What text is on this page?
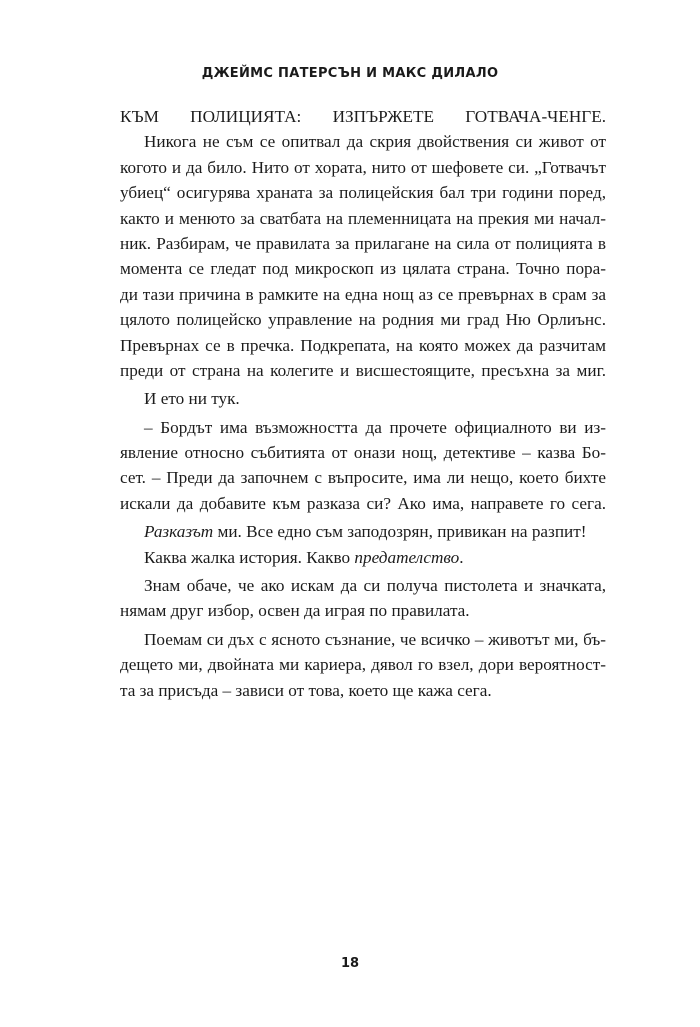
ДЖЕЙМС ПАТЕРСЪН И МАКС ДИЛАЛО
КЪМ ПОЛИЦИЯТА: ИЗПЪРЖЕТЕ ГОТВАЧА-ЧЕНГЕ.
Никога не съм се опитвал да скрия двойствения си живот от
когото и да било. Нито от хората, нито от шефовете си. „Готвачът
убиец“ осигурява храната за полицейския бал три години поред,
както и менюто за сватбата на племенницата на прекия ми начал-
ник. Разбирам, че правилата за прилагане на сила от полицията в
момента се гледат под микроскоп из цялата страна. Точно пора-
ди тази причина в рамките на една нощ аз се превърнах в срам за
цялото полицейско управление на родния ми град Ню Орлиънс.
Превърнах се в пречка. Подкрепата, на която можех да разчитам
преди от страна на колегите и висшестоящите, пресъхна за миг.
И ето ни тук.
– Бордът има възможността да прочете официалното ви из-
явление относно събитията от онази нощ, детективе – казва Бо-
сет. – Преди да започнем с въпросите, има ли нещо, което бихте
искали да добавите към разказа си? Ако има, направете го сега.
Разказът ми. Все едно съм заподозрян, привикан на разпит!
Каква жалка история. Какво предателство.
Знам обаче, че ако искам да си получа пистолета и значката,
нямам друг избор, освен да играя по правилата.
Поемам си дъх с ясното съзнание, че всичко – животът ми, бъ-
дещето ми, двойната ми кариера, дявол го взел, дори вероятност-
та за присъда – зависи от това, което ще кажа сега.
18
